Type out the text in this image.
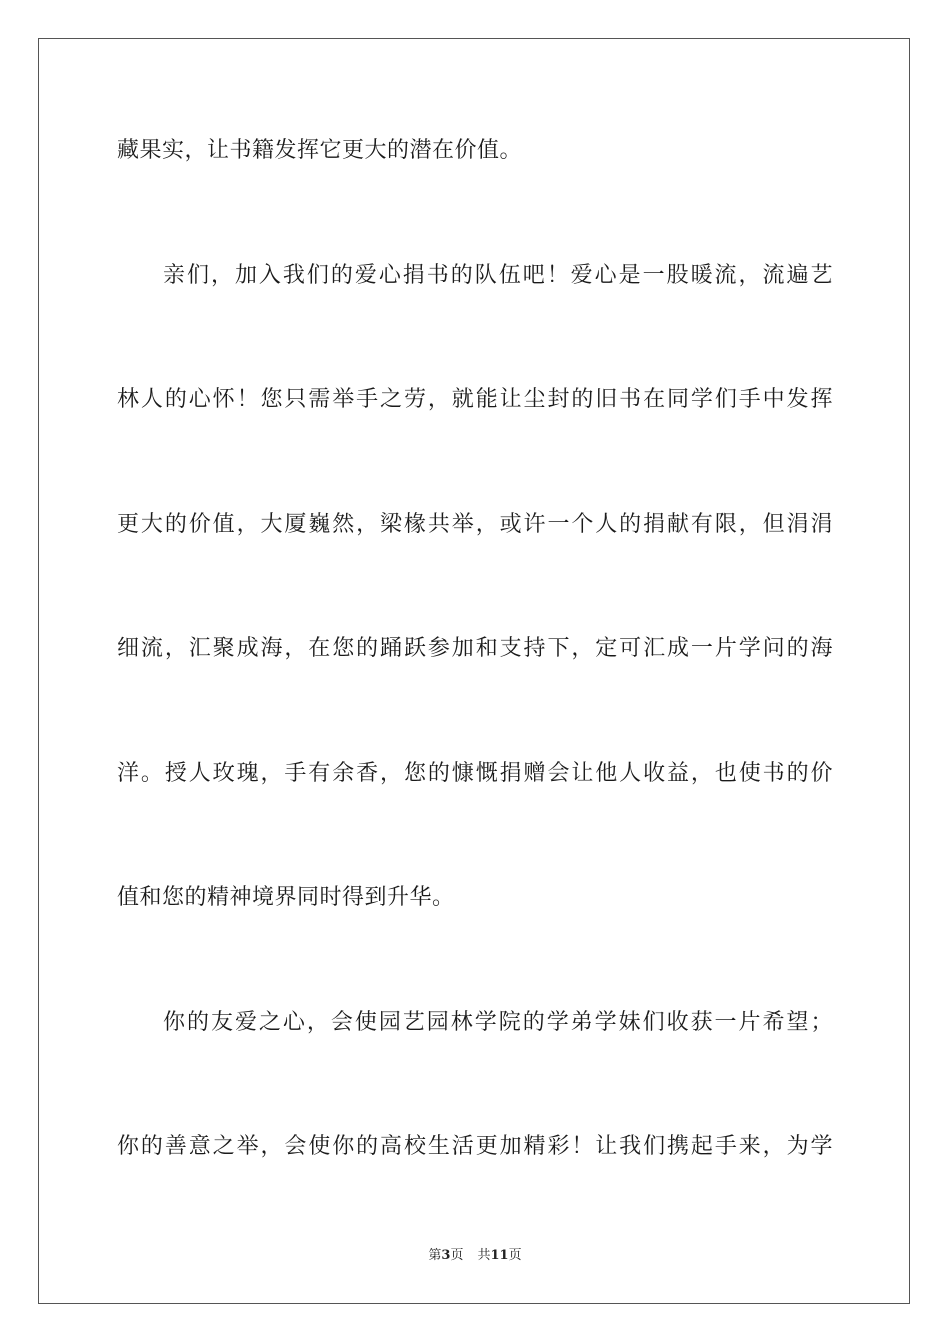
藏果实，让书籍发挥它更大的潜在价值。
亲们，加入我们的爱心捐书的队伍吧！爱心是一股暖流，流遍艺
林人的心怀！您只需举手之劳，就能让尘封的旧书在同学们手中发挥
更大的价值，大厦巍然，梁椽共举，或许一个人的捐献有限，但涓涓
细流，汇聚成海，在您的踊跃参加和支持下，定可汇成一片学问的海
洋。授人玫瑰，手有余香，您的慷慨捐赠会让他人收益，也使书的价
值和您的精神境界同时得到升华。
你的友爱之心，会使园艺园林学院的学弟学妹们收获一片希望；
你的善意之举，会使你的高校生活更加精彩！让我们携起手来，为学
第3页 共11页
